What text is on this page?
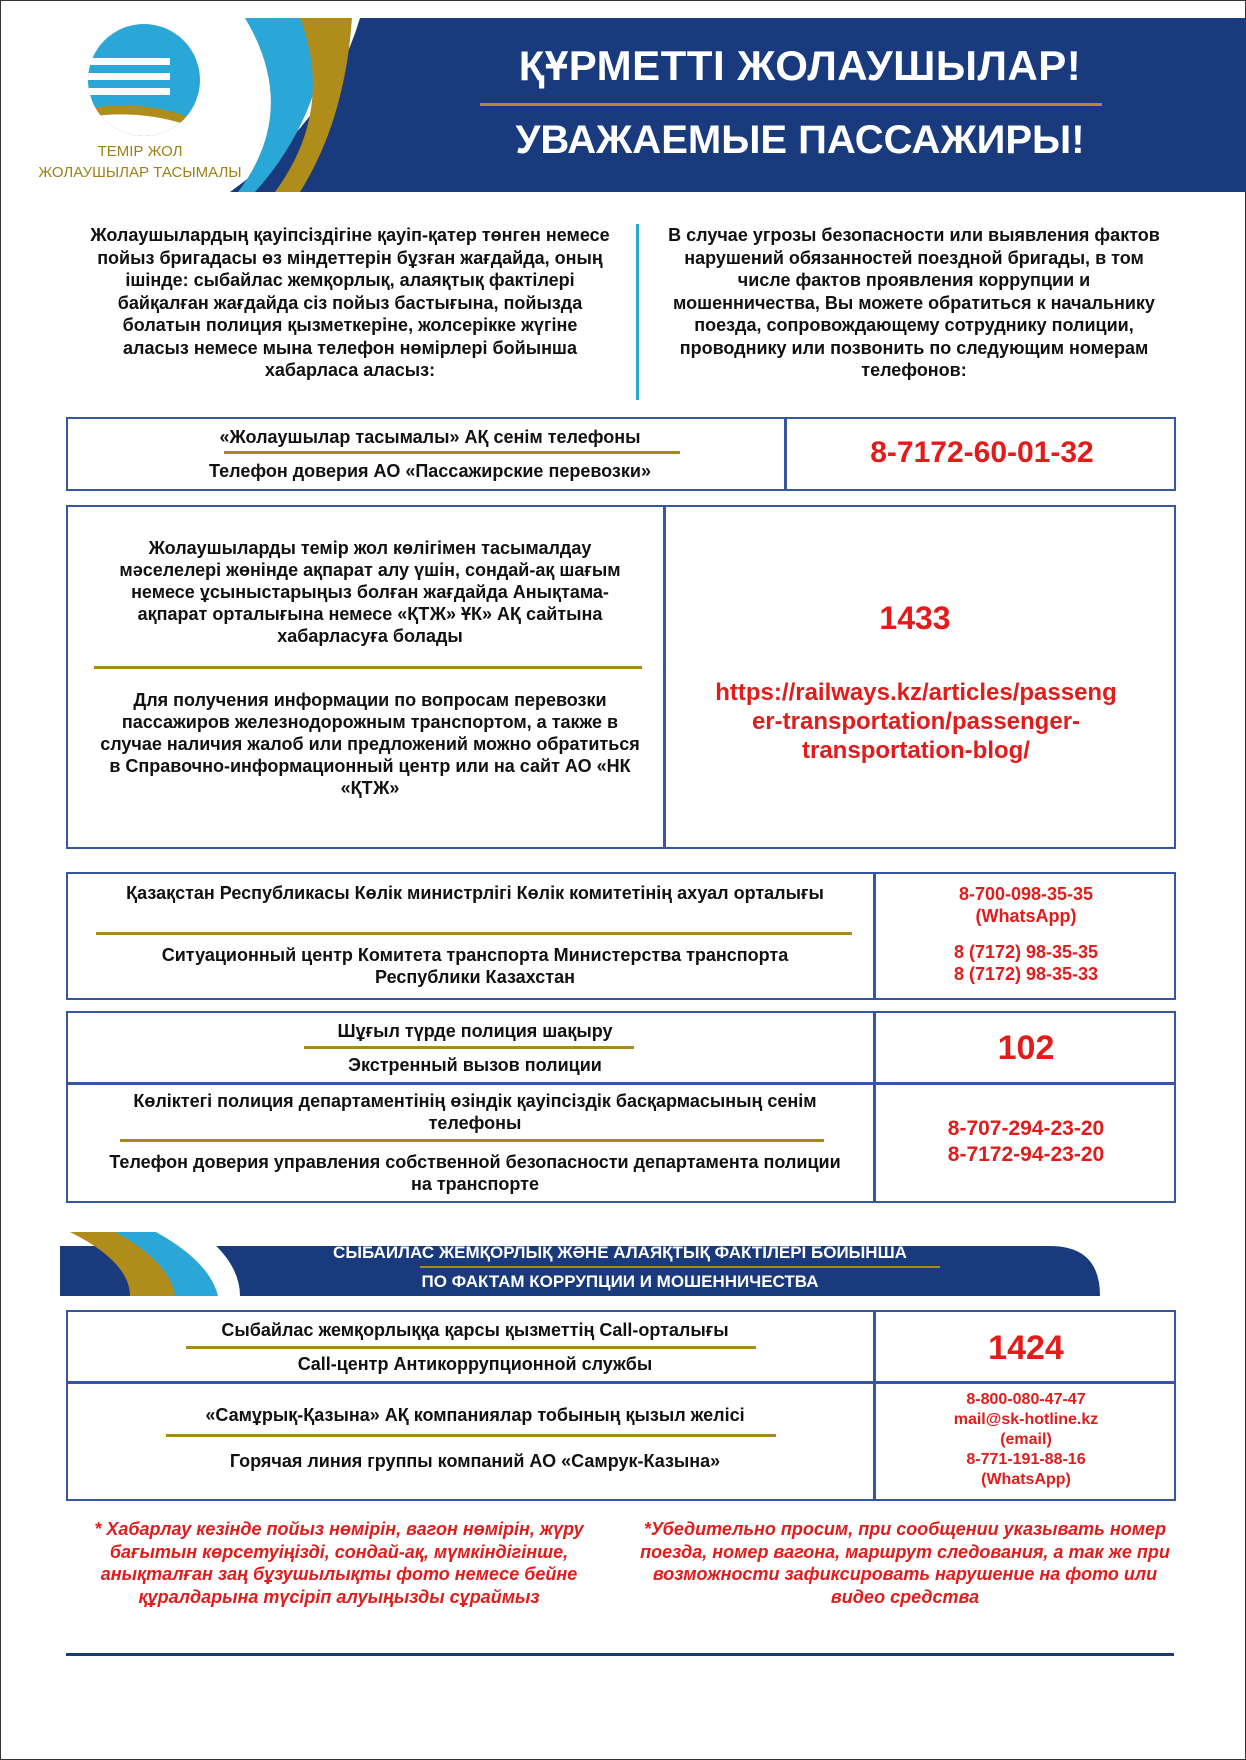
ТЕМІР ЖОЛ
ЖОЛАУШЫЛАР ТАСЫМАЛЫ
ҚҰРМЕТТІ ЖОЛАУШЫЛАР!
УВАЖАЕМЫЕ ПАССАЖИРЫ!
Жолаушылардың қауіпсіздігіне қауіп-қатер төнген немесе пойыз бригадасы өз міндеттерін бұзған жағдайда, оның ішінде: сыбайлас жемқорлық, алаяқтық фактілері байқалған жағдайда сіз пойыз бастығына, пойызда болатын полиция қызметкеріне, жолсерікке жүгіне аласыз немесе мына телефон нөмірлері бойынша хабарласа аласыз:
В случае угрозы безопасности или выявления фактов нарушений обязанностей поездной бригады, в том числе фактов проявления коррупции и мошенничества, Вы можете обратиться к начальнику поезда, сопровождающему сотруднику полиции, проводнику или позвонить по следующим номерам телефонов:
«Жолаушылар тасымалы» АҚ сенім телефоны
Телефон доверия АО «Пассажирские перевозки»
8-7172-60-01-32
Жолаушыларды темір жол көлігімен тасымалдау мәселелері жөнінде ақпарат алу үшін, сондай-ақ шағым немесе ұсыныстарыңыз болған жағдайда Анықтама-ақпарат орталығына немесе «ҚТЖ» ҰК» АҚ сайтына хабарласуға болады
Для получения информации по вопросам перевозки пассажиров железнодорожным транспортом, а также в случае наличия жалоб или предложений можно обратиться в Справочно-информационный центр или на сайт АО «НК «ҚТЖ»
1433
https://railways.kz/articles/passeng
er-transportation/passenger-
transportation-blog/
Қазақстан Республикасы Көлік министрлігі Көлік комитетінің ахуал орталығы
Ситуационный центр Комитета транспорта Министерства транспорта Республики Казахстан
8-700-098-35-35
(WhatsApp)
8 (7172) 98-35-35
8 (7172) 98-35-33
Шұғыл түрде полиция шақыру
Экстренный вызов полиции	102
Көліктегі полиция департаментінің өзіндік қауіпсіздік басқармасының сенім телефоны
Телефон доверия управления собственной безопасности департамента полиции на транспорте
8-707-294-23-20
8-7172-94-23-20
СЫБАЙЛАС ЖЕМҚОРЛЫҚ ЖӘНЕ АЛАЯҚТЫҚ ФАКТІЛЕРІ БОЙЫНША
ПО ФАКТАМ КОРРУПЦИИ И МОШЕННИЧЕСТВА
Сыбайлас жемқорлыққа қарсы қызметтің Call-орталығы
Call-центр Антикоррупционной службы	1424
«Самұрық-Қазына» АҚ компаниялар тобының қызыл желісі
Горячая линия группы компаний АО «Самрук-Казына»
8-800-080-47-47
mail@sk-hotline.kz
(email)
8-771-191-88-16
(WhatsApp)
* Хабарлау кезінде пойыз нөмірін, вагон нөмірін, жүру бағытын көрсетуіңізді, сондай-ақ, мүмкіндігінше, анықталған заң бұзушылықты фото немесе бейне құралдарына түсіріп алуыңызды сұраймыз
*Убедительно просим, при сообщении указывать номер поезда, номер вагона, маршрут следования, а так же при возможности зафиксировать нарушение на фото или видео средства
